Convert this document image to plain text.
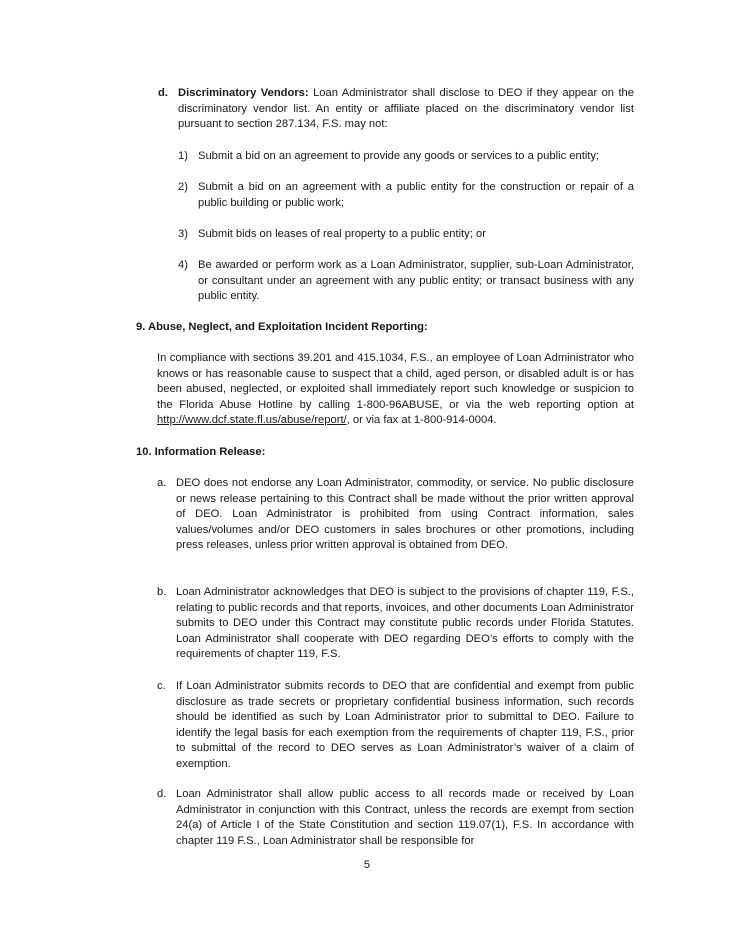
d. Discriminatory Vendors: Loan Administrator shall disclose to DEO if they appear on the discriminatory vendor list. An entity or affiliate placed on the discriminatory vendor list pursuant to section 287.134, F.S. may not:
1) Submit a bid on an agreement to provide any goods or services to a public entity;
2) Submit a bid on an agreement with a public entity for the construction or repair of a public building or public work;
3) Submit bids on leases of real property to a public entity; or
4) Be awarded or perform work as a Loan Administrator, supplier, sub-Loan Administrator, or consultant under an agreement with any public entity; or transact business with any public entity.
9. Abuse, Neglect, and Exploitation Incident Reporting:
In compliance with sections 39.201 and 415.1034, F.S., an employee of Loan Administrator who knows or has reasonable cause to suspect that a child, aged person, or disabled adult is or has been abused, neglected, or exploited shall immediately report such knowledge or suspicion to the Florida Abuse Hotline by calling 1-800-96ABUSE, or via the web reporting option at http://www.dcf.state.fl.us/abuse/report/, or via fax at 1-800-914-0004.
10. Information Release:
a. DEO does not endorse any Loan Administrator, commodity, or service. No public disclosure or news release pertaining to this Contract shall be made without the prior written approval of DEO. Loan Administrator is prohibited from using Contract information, sales values/volumes and/or DEO customers in sales brochures or other promotions, including press releases, unless prior written approval is obtained from DEO.
b. Loan Administrator acknowledges that DEO is subject to the provisions of chapter 119, F.S., relating to public records and that reports, invoices, and other documents Loan Administrator submits to DEO under this Contract may constitute public records under Florida Statutes. Loan Administrator shall cooperate with DEO regarding DEO’s efforts to comply with the requirements of chapter 119, F.S.
c. If Loan Administrator submits records to DEO that are confidential and exempt from public disclosure as trade secrets or proprietary confidential business information, such records should be identified as such by Loan Administrator prior to submittal to DEO. Failure to identify the legal basis for each exemption from the requirements of chapter 119, F.S., prior to submittal of the record to DEO serves as Loan Administrator’s waiver of a claim of exemption.
d. Loan Administrator shall allow public access to all records made or received by Loan Administrator in conjunction with this Contract, unless the records are exempt from section 24(a) of Article I of the State Constitution and section 119.07(1), F.S. In accordance with chapter 119 F.S., Loan Administrator shall be responsible for
5
